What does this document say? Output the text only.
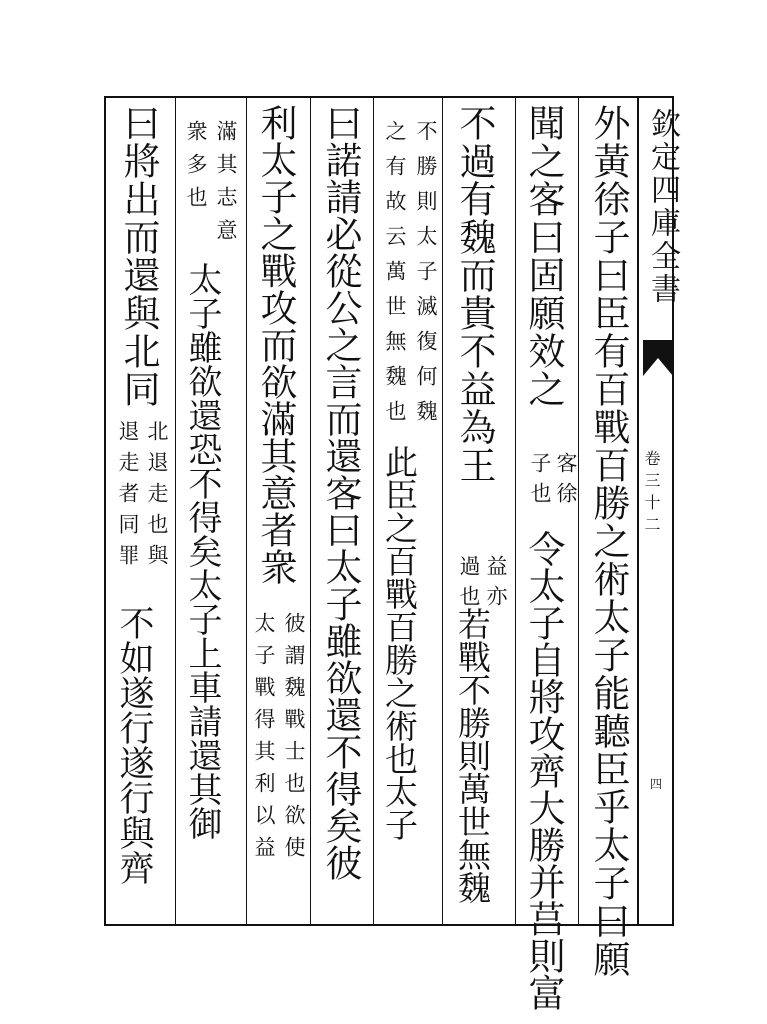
欽定四庫全書
卷三十二
四
外黃徐子曰臣有百戰百勝之術太子能聽臣乎太子曰願
聞之客曰固願效之
客徐
子也
令太子自將攻齊大勝并莒則富
不過有魏而貴不益為王
益亦
過也
若戰不勝則萬世無魏
不勝則太子滅復何魏
之有故云萬世無魏也
此臣之百戰百勝之術也太子
曰諾請必從公之言而還客曰太子雖欲還不得矣彼
利太子之戰攻而欲滿其意者衆
彼謂魏戰士也欲使
太子戰得其利以益
滿其志意
衆多也
太子雖欲還恐不得矣太子上車請還其御
曰將出而還與北同
北退走也與
退走者同罪
不如遂行遂行與齊
